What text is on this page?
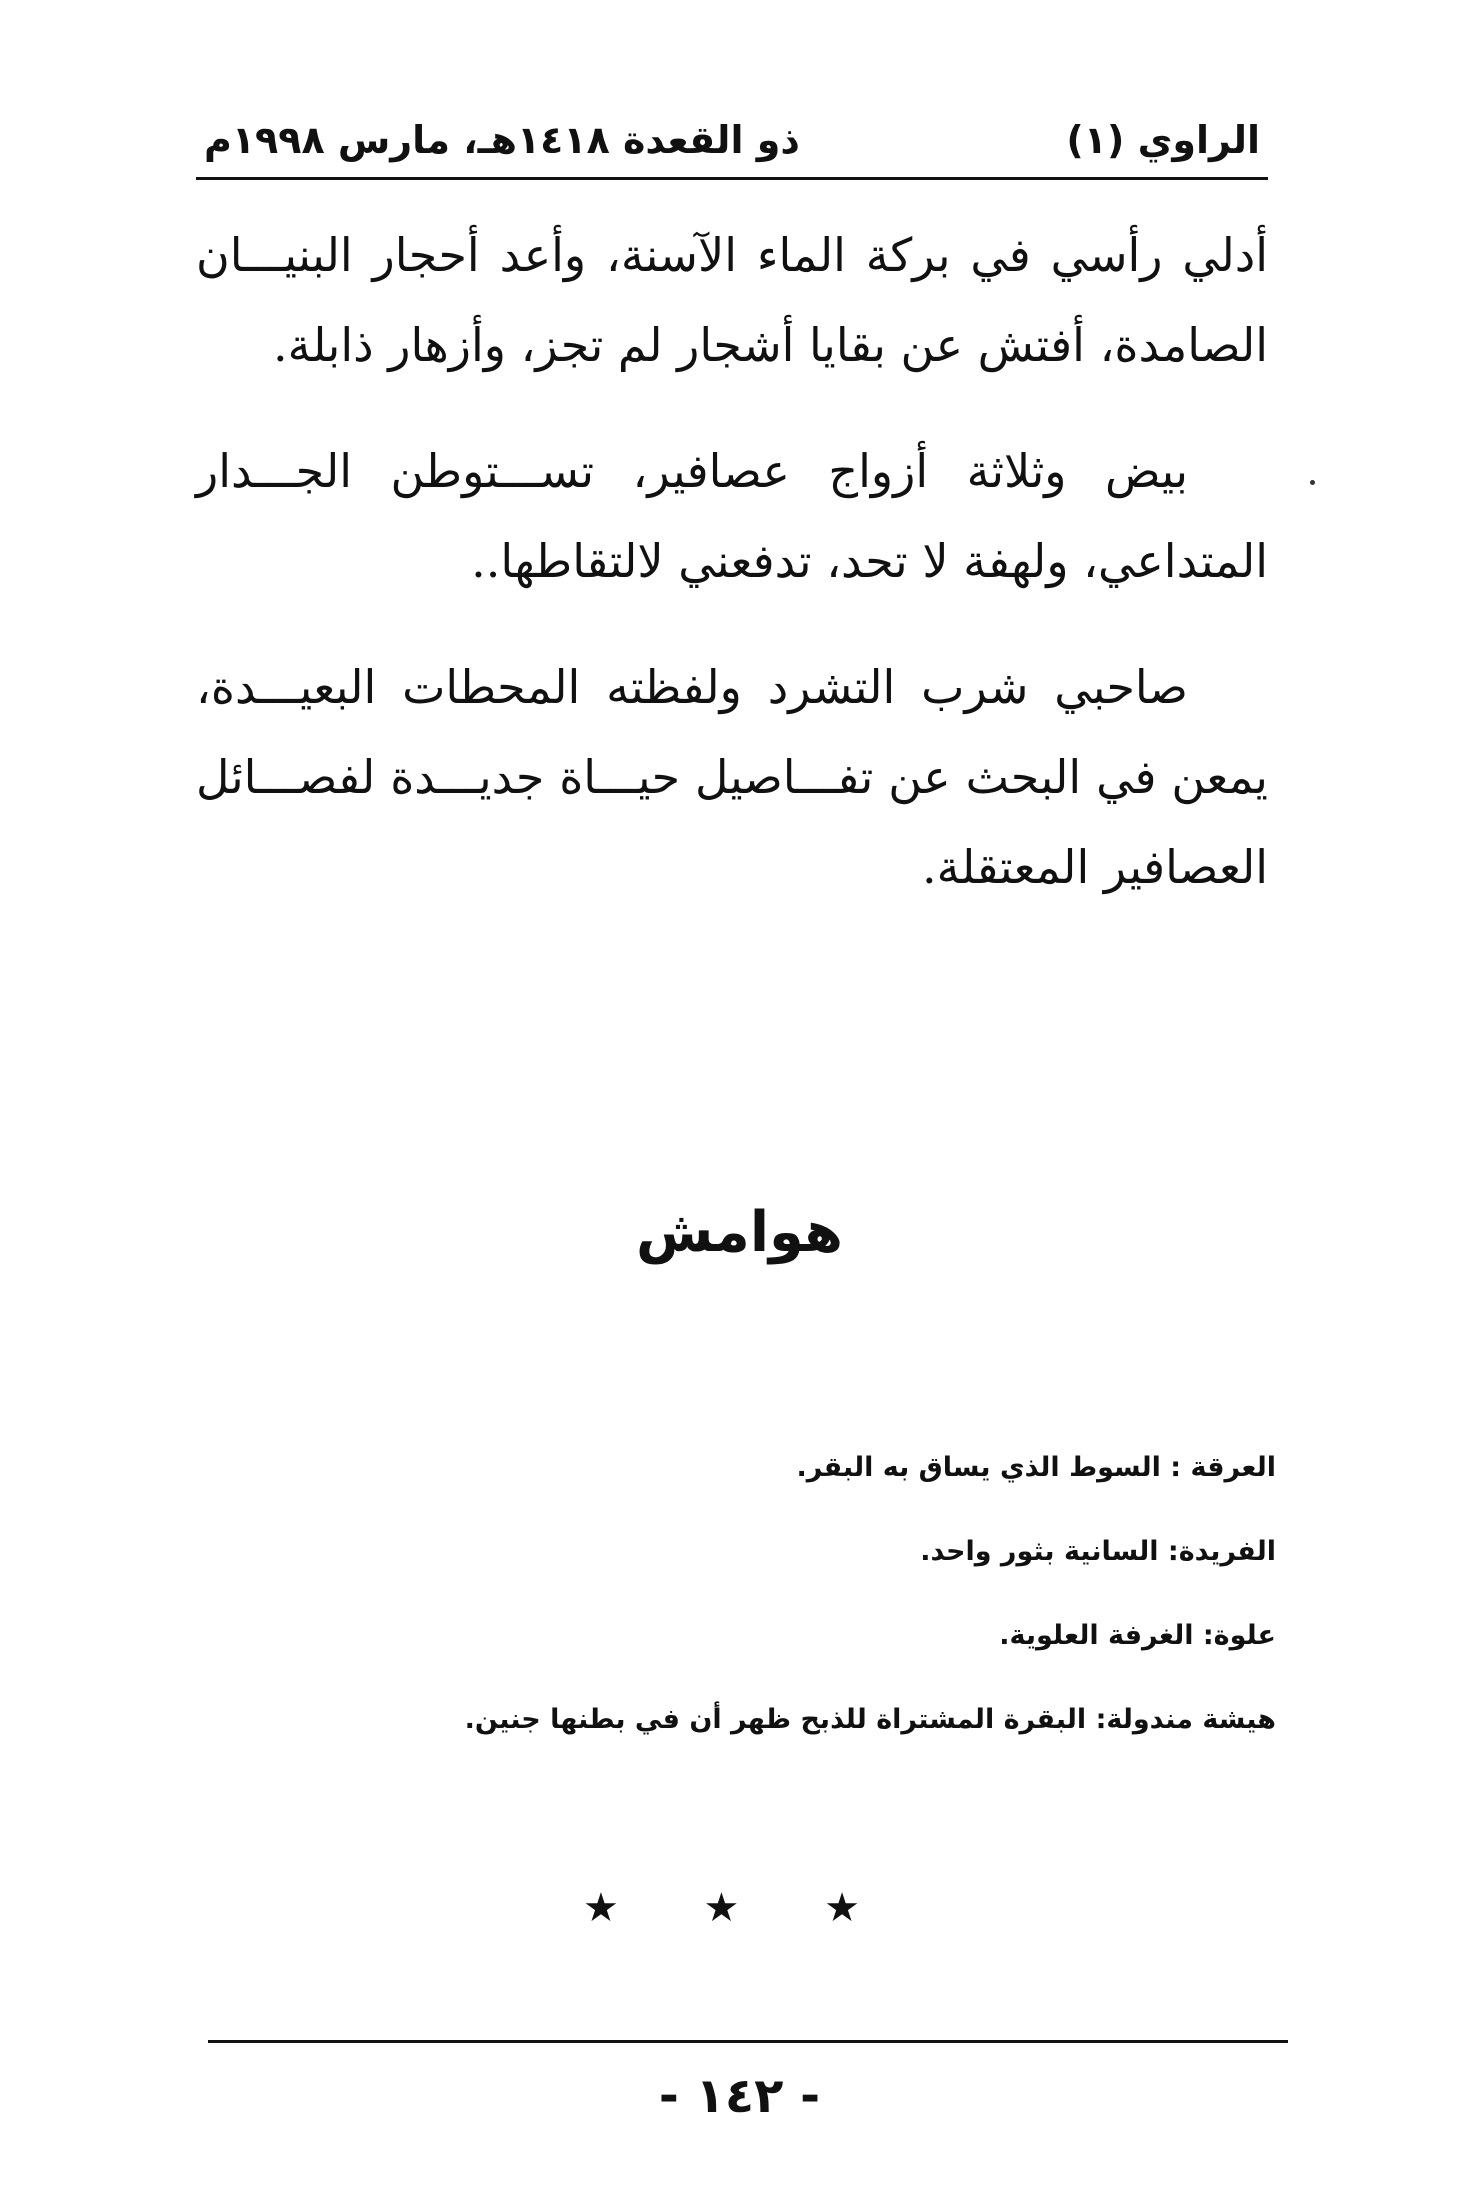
الراوي (١)
ذو القعدة ١٤١٨هـ، مارس ١٩٩٨م

أدلي رأسي في بركة الماء الآسنة، وأعد أحجار البنيـــان الصامدة، أفتش عن بقايا أشجار لم تجز، وأزهار ذابلة.

بيض وثلاثة أزواج عصافير، تســـتوطن الجـــدار المتداعي، ولهفة لا تحد، تدفعني لالتقاطها..

صاحبي شرب التشرد ولفظته المحطات البعيـــدة، يمعن في البحث عن تفـــاصيل حيـــاة جديـــدة لفصـــائل العصافير المعتقلة.

هوامش
العرقة : السوط الذي يساق به البقر.
الفريدة: السانية بثور واحد.
علوة: الغرفة العلوية.
هيشة مندولة: البقرة المشتراة للذبح ظهر أن في بطنها جنين.
★ ★ ★
- ١٤٢ -
